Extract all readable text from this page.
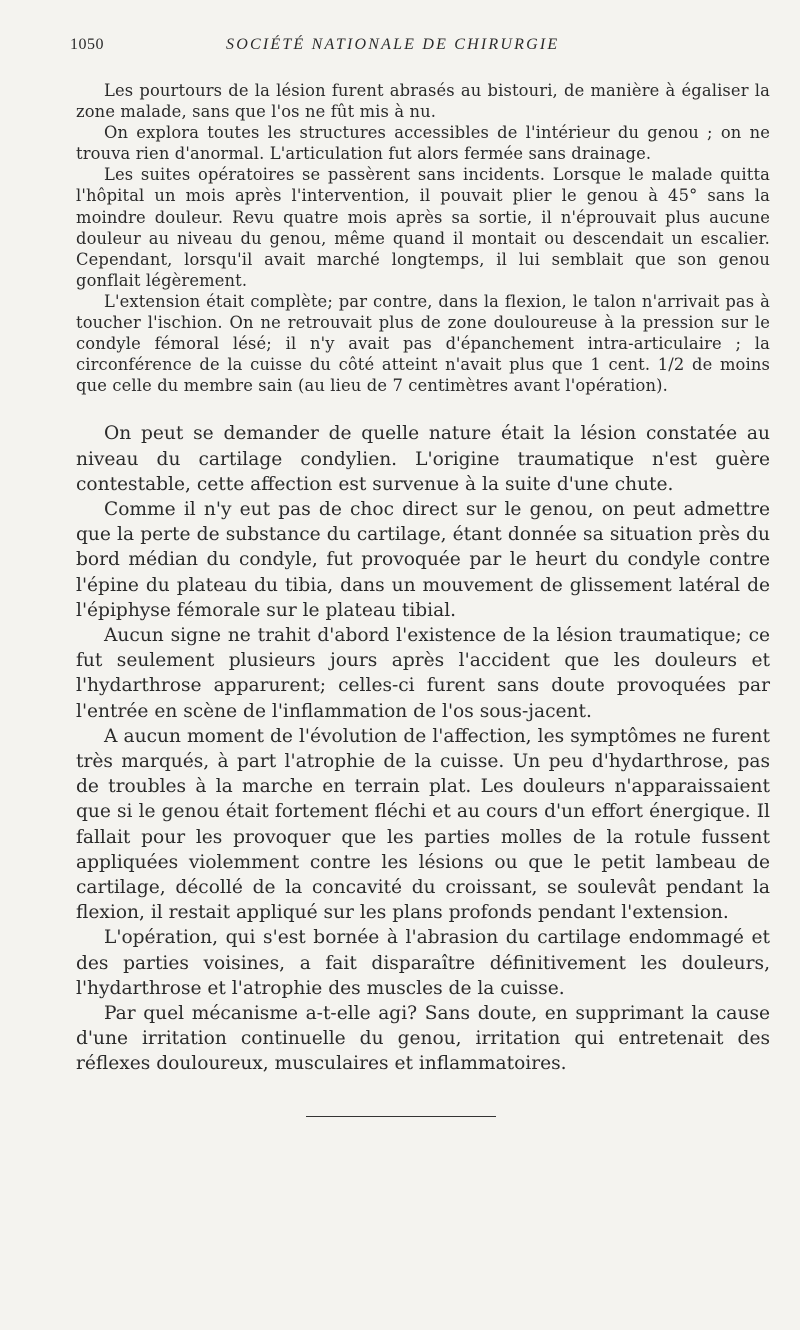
1050	SOCIÉTÉ NATIONALE DE CHIRURGIE

Les pourtours de la lésion furent abrasés au bistouri, de manière à égaliser la zone malade, sans que l'os ne fût mis à nu.

On explora toutes les structures accessibles de l'intérieur du genou ; on ne trouva rien d'anormal. L'articulation fut alors fermée sans drainage.

Les suites opératoires se passèrent sans incidents. Lorsque le malade quitta l'hôpital un mois après l'intervention, il pouvait plier le genou à 45° sans la moindre douleur. Revu quatre mois après sa sortie, il n'éprouvait plus aucune douleur au niveau du genou, même quand il montait ou descendait un escalier. Cependant, lorsqu'il avait marché longtemps, il lui semblait que son genou gonflait légèrement.

L'extension était complète; par contre, dans la flexion, le talon n'arrivait pas à toucher l'ischion. On ne retrouvait plus de zone douloureuse à la pression sur le condyle fémoral lésé; il n'y avait pas d'épanchement intra-articulaire ; la circonférence de la cuisse du côté atteint n'avait plus que 1 cent. 1/2 de moins que celle du membre sain (au lieu de 7 centimètres avant l'opération).

On peut se demander de quelle nature était la lésion constatée au niveau du cartilage condylien. L'origine traumatique n'est guère contestable, cette affection est survenue à la suite d'une chute.

Comme il n'y eut pas de choc direct sur le genou, on peut admettre que la perte de substance du cartilage, étant donnée sa situation près du bord médian du condyle, fut provoquée par le heurt du condyle contre l'épine du plateau du tibia, dans un mouvement de glissement latéral de l'épiphyse fémorale sur le plateau tibial.

Aucun signe ne trahit d'abord l'existence de la lésion traumatique; ce fut seulement plusieurs jours après l'accident que les douleurs et l'hydarthrose apparurent; celles-ci furent sans doute provoquées par l'entrée en scène de l'inflammation de l'os sous-jacent.

A aucun moment de l'évolution de l'affection, les symptômes ne furent très marqués, à part l'atrophie de la cuisse. Un peu d'hydarthrose, pas de troubles à la marche en terrain plat. Les douleurs n'apparaissaient que si le genou était fortement fléchi et au cours d'un effort énergique. Il fallait pour les provoquer que les parties molles de la rotule fussent appliquées violemment contre les lésions ou que le petit lambeau de cartilage, décollé de la concavité du croissant, se soulevât pendant la flexion, il restait appliqué sur les plans profonds pendant l'extension.

L'opération, qui s'est bornée à l'abrasion du cartilage endommagé et des parties voisines, a fait disparaître définitivement les douleurs, l'hydarthrose et l'atrophie des muscles de la cuisse.

Par quel mécanisme a-t-elle agi? Sans doute, en supprimant la cause d'une irritation continuelle du genou, irritation qui entretenait des réflexes douloureux, musculaires et inflammatoires.
